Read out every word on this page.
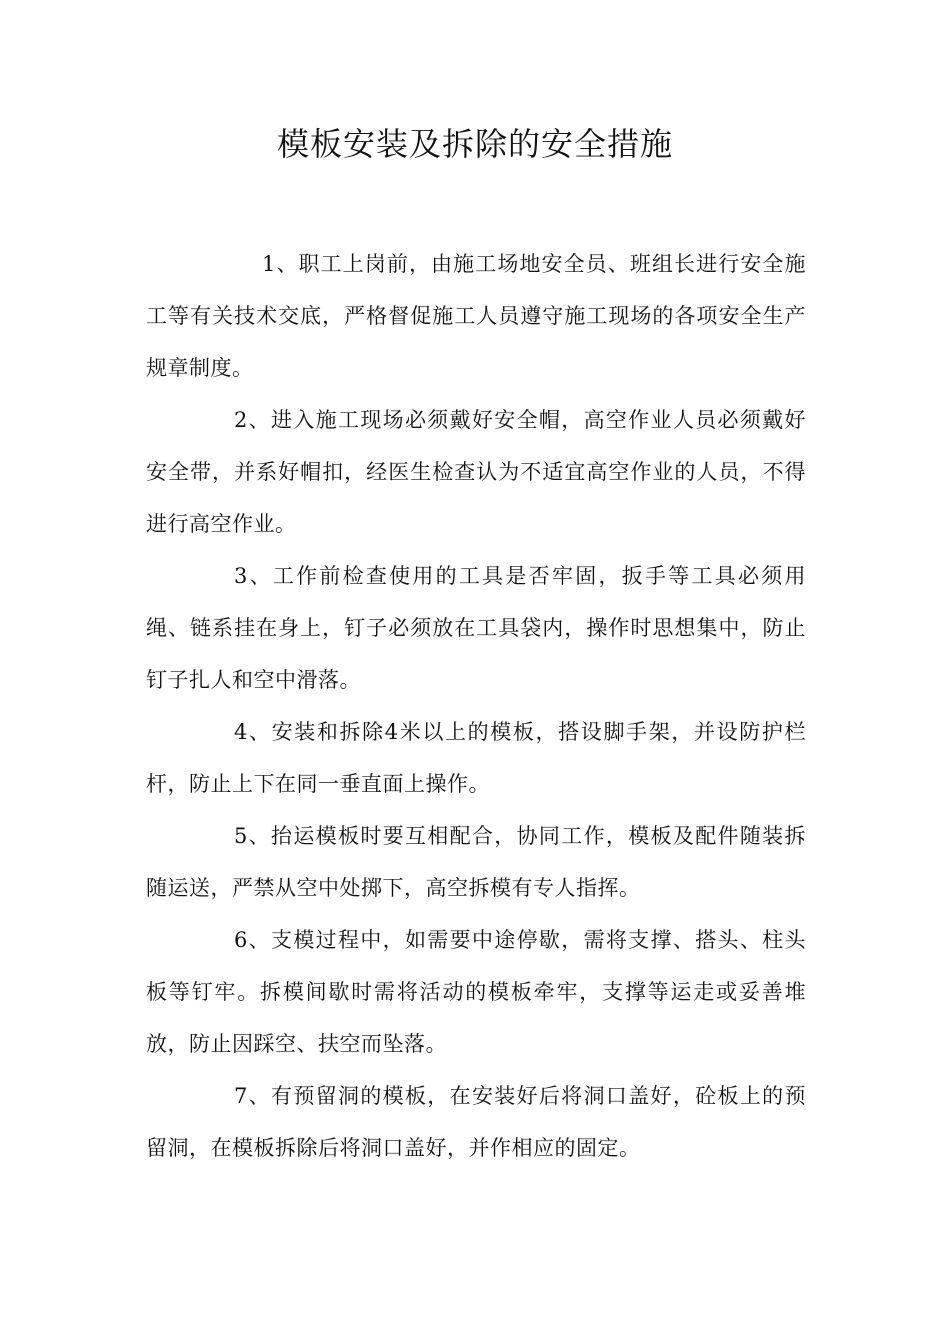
模板安装及拆除的安全措施

1、职工上岗前，由施工场地安全员、班组长进行安全施工等有关技术交底，严格督促施工人员遵守施工现场的各项安全生产规章制度。

2、进入施工现场必须戴好安全帽，高空作业人员必须戴好安全带，并系好帽扣，经医生检查认为不适宜高空作业的人员，不得进行高空作业。

3、工作前检查使用的工具是否牢固，扳手等工具必须用绳、链系挂在身上，钉子必须放在工具袋内，操作时思想集中，防止钉子扎人和空中滑落。

4、安装和拆除4米以上的模板，搭设脚手架，并设防护栏杆，防止上下在同一垂直面上操作。

5、抬运模板时要互相配合，协同工作，模板及配件随装拆随运送，严禁从空中处掷下，高空拆模有专人指挥。

6、支模过程中，如需要中途停歇，需将支撑、搭头、柱头板等钉牢。拆模间歇时需将活动的模板牵牢，支撑等运走或妥善堆放，防止因踩空、扶空而坠落。

7、有预留洞的模板，在安装好后将洞口盖好，砼板上的预留洞，在模板拆除后将洞口盖好，并作相应的固定。
